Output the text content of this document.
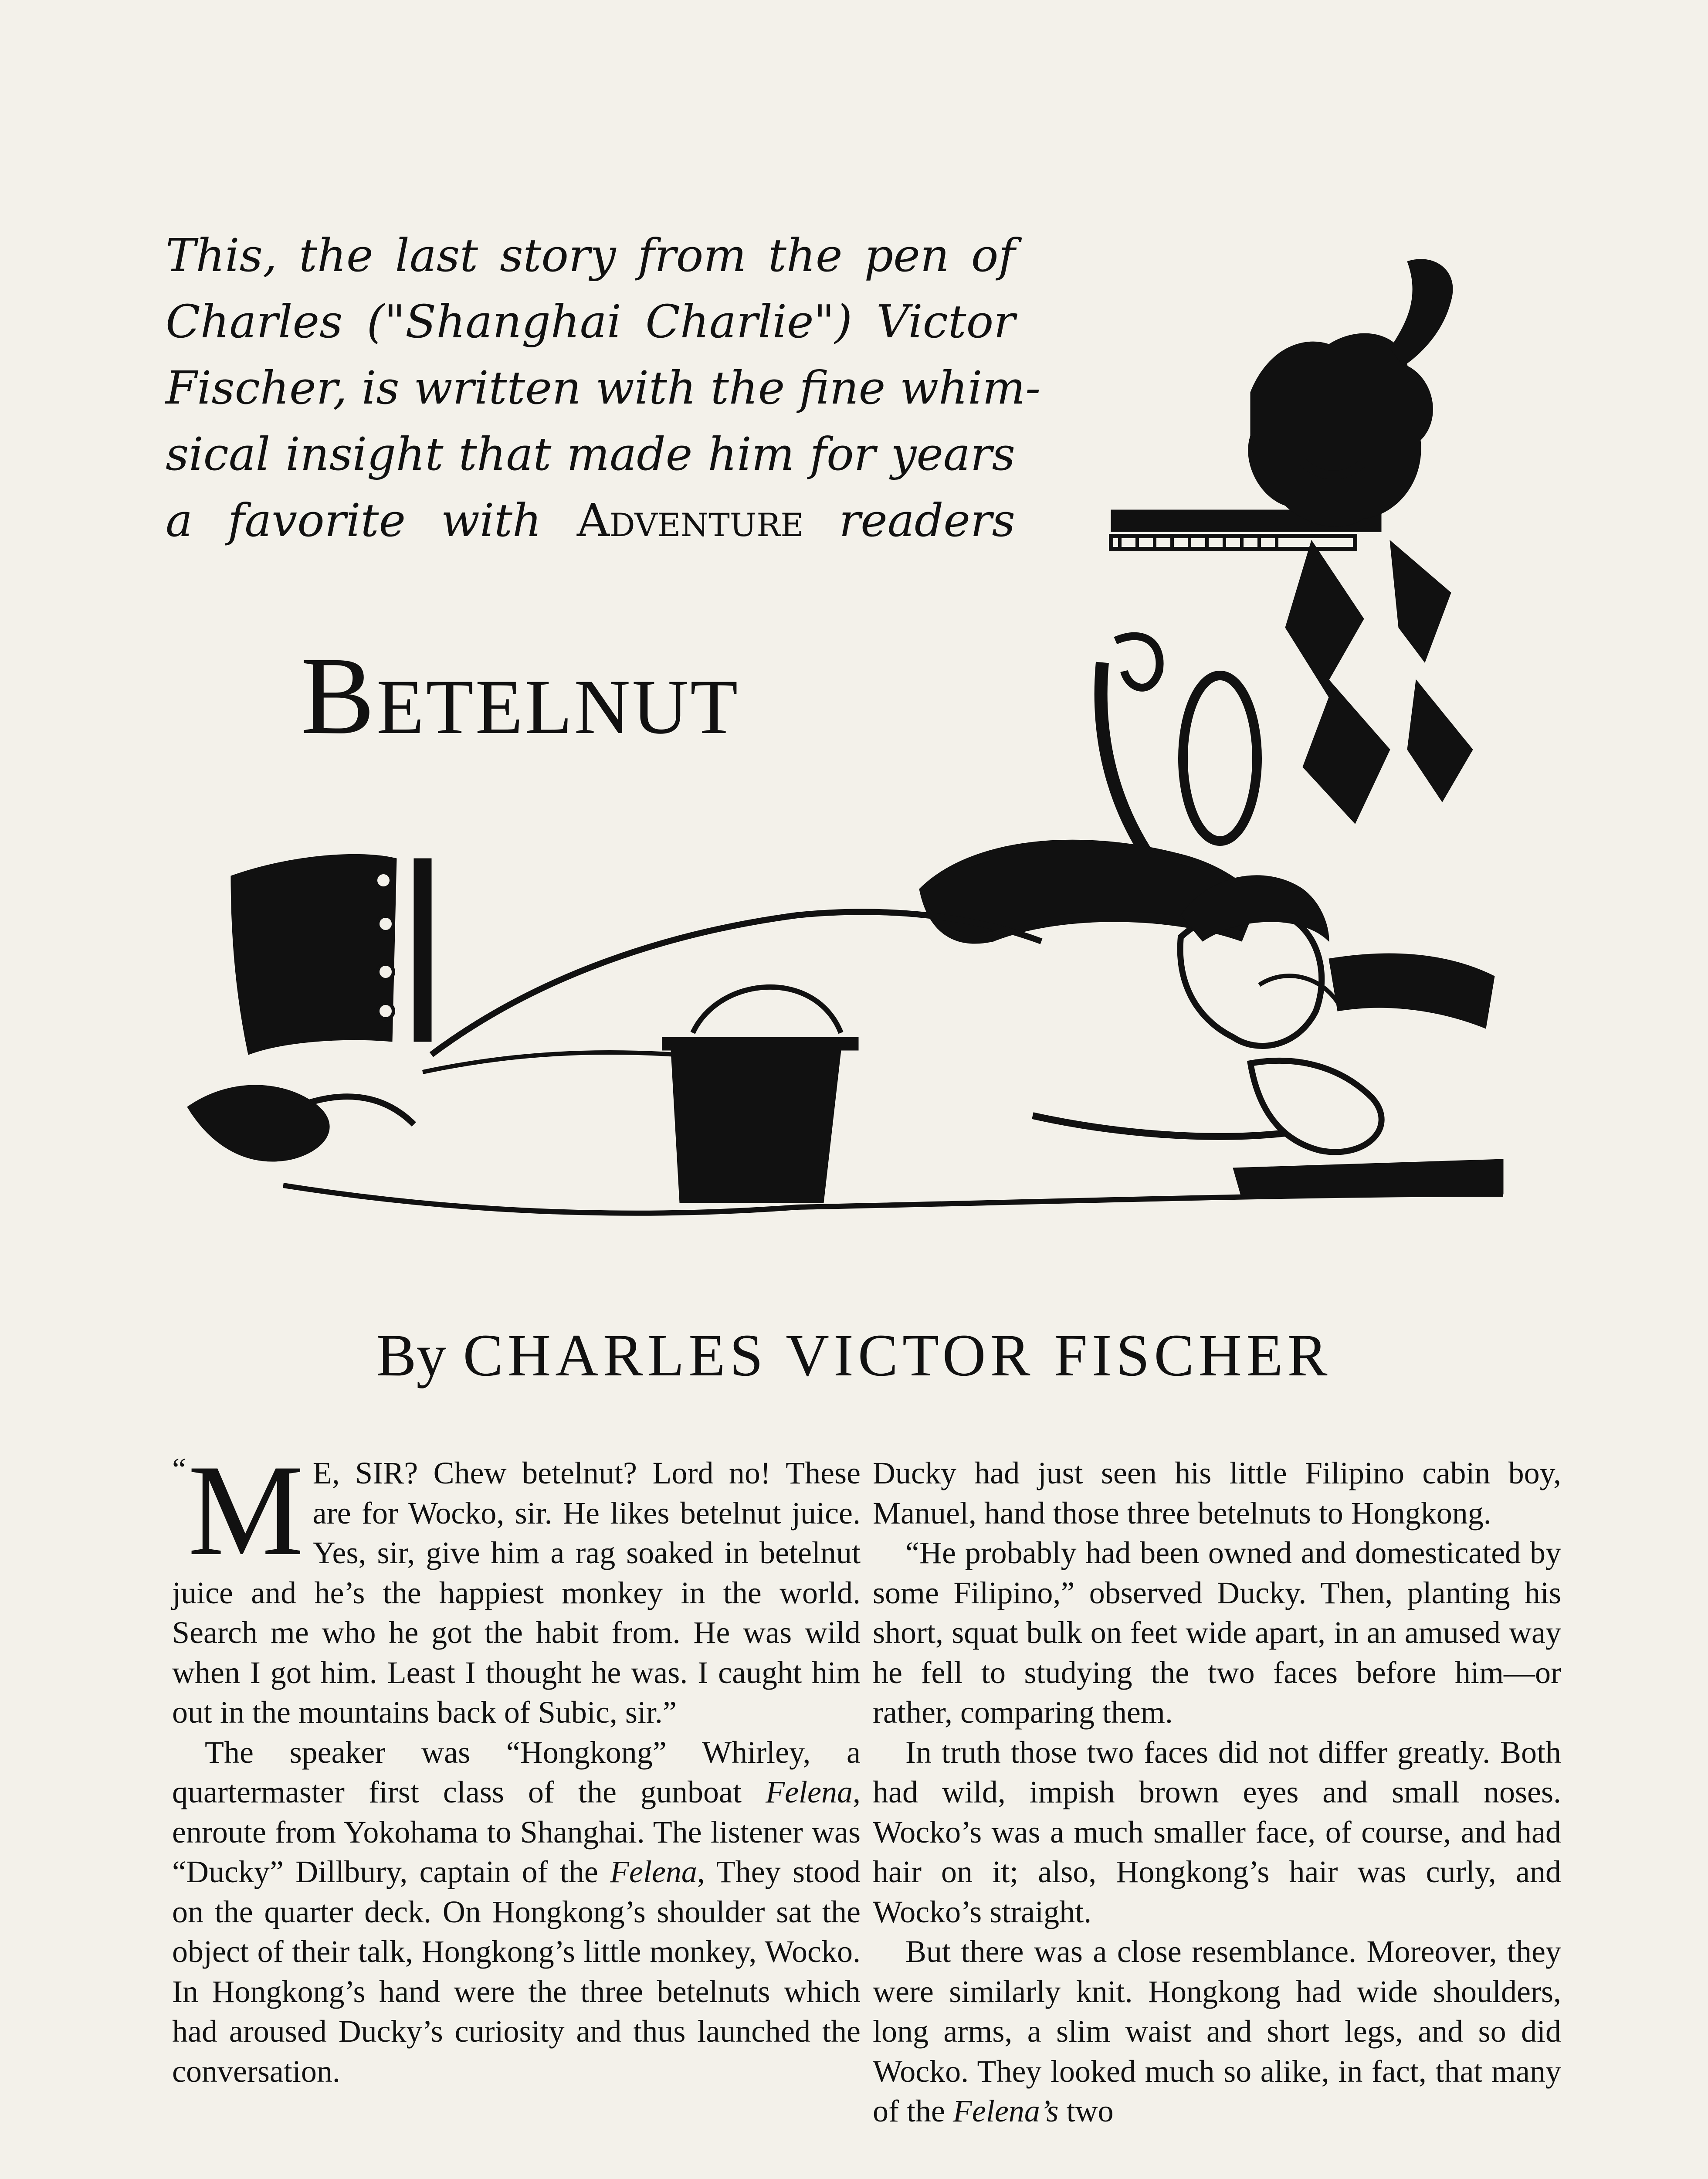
This, the last story from the pen of
Charles ("Shanghai Charlie") Victor
Fischer, is written with the fine whim-
sical insight that made him for years
a favorite with Adventure readers
Betelnut
By CHARLES VICTOR FISCHER

“ M E, SIR? Chew betelnut? Lord no! These are for Wocko, sir. He likes betelnut juice. Yes, sir, give him a rag soaked in betelnut juice and he’s the happiest monkey in the world. Search me who he got the habit from. He was wild when I got him. Least I thought he was. I caught him out in the mountains back of Subic, sir.”

The speaker was “Hongkong” Whirley, a quartermaster first class of the gunboat Felena, enroute from Yokohama to Shanghai. The listener was “Ducky” Dillbury, captain of the Felena, They stood on the quarter deck. On Hongkong’s shoulder sat the object of their talk, Hongkong’s little monkey, Wocko. In Hongkong’s hand were the three betelnuts which had aroused Ducky’s curiosity and thus launched the conversation.

Ducky had just seen his little Filipino cabin boy, Manuel, hand those three betelnuts to Hongkong.

“He probably had been owned and domesticated by some Filipino,” observed Ducky. Then, planting his short, squat bulk on feet wide apart, in an amused way he fell to studying the two faces before him—or rather, comparing them.

In truth those two faces did not differ greatly. Both had wild, impish brown eyes and small noses. Wocko’s was a much smaller face, of course, and had hair on it; also, Hongkong’s hair was curly, and Wocko’s straight.

But there was a close resemblance. Moreover, they were similarly knit. Hongkong had wide shoulders, long arms, a slim waist and short legs, and so did Wocko. They looked much so alike, in fact, that many of the Felena’s two
